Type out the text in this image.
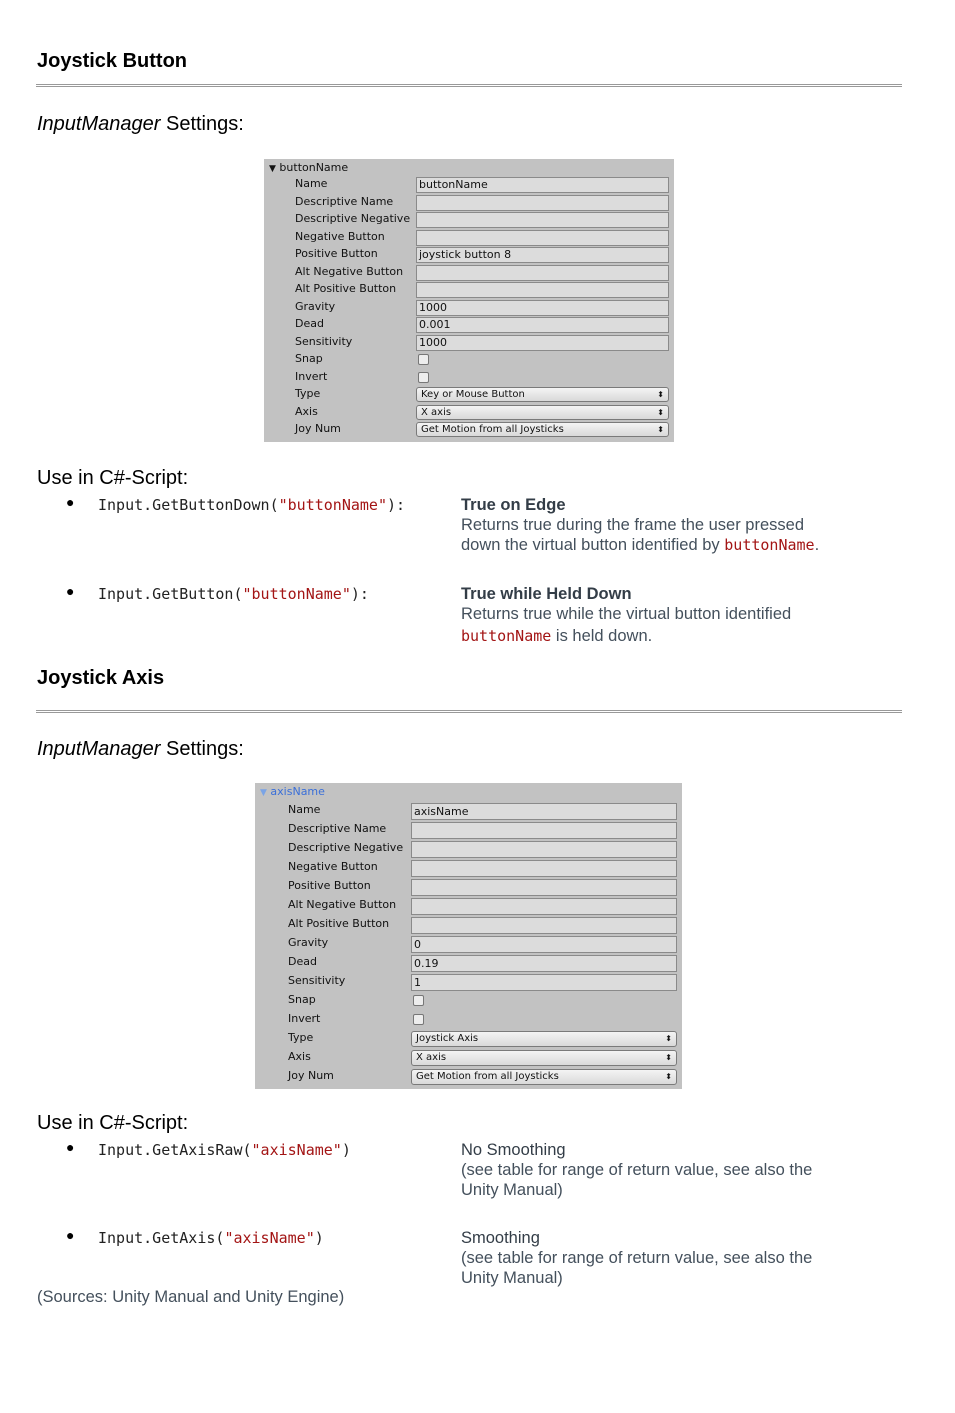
Joystick Button
InputManager Settings:
▼ buttonName
Name	buttonName
Descriptive Name
Descriptive Negative
Negative Button
Positive Button	joystick button 8
Alt Negative Button
Alt Positive Button
Gravity	1000
Dead	0.001
Sensitivity	1000
Snap
Invert
Type	Key or Mouse Button	⬍
Axis	X axis	⬍
Joy Num	Get Motion from all Joysticks	⬍
Use in C#-Script:
● Input.GetButtonDown("buttonName"):	True on Edge
Returns true during the frame the user pressed
down the virtual button identified by buttonName.
● Input.GetButton("buttonName"):	True while Held Down
Returns true while the virtual button identified
buttonName is held down.
Joystick Axis
InputManager Settings:
▼ axisName
Name	axisName
Descriptive Name
Descriptive Negative
Negative Button
Positive Button
Alt Negative Button
Alt Positive Button
Gravity	0
Dead	0.19
Sensitivity	1
Snap
Invert
Type	Joystick Axis	⬍
Axis	X axis	⬍
Joy Num	Get Motion from all Joysticks	⬍
Use in C#-Script:
● Input.GetAxisRaw("axisName")	No Smoothing
(see table for range of return value, see also the
Unity Manual)
● Input.GetAxis("axisName")	Smoothing
(see table for range of return value, see also the
Unity Manual)
(Sources: Unity Manual and Unity Engine)
